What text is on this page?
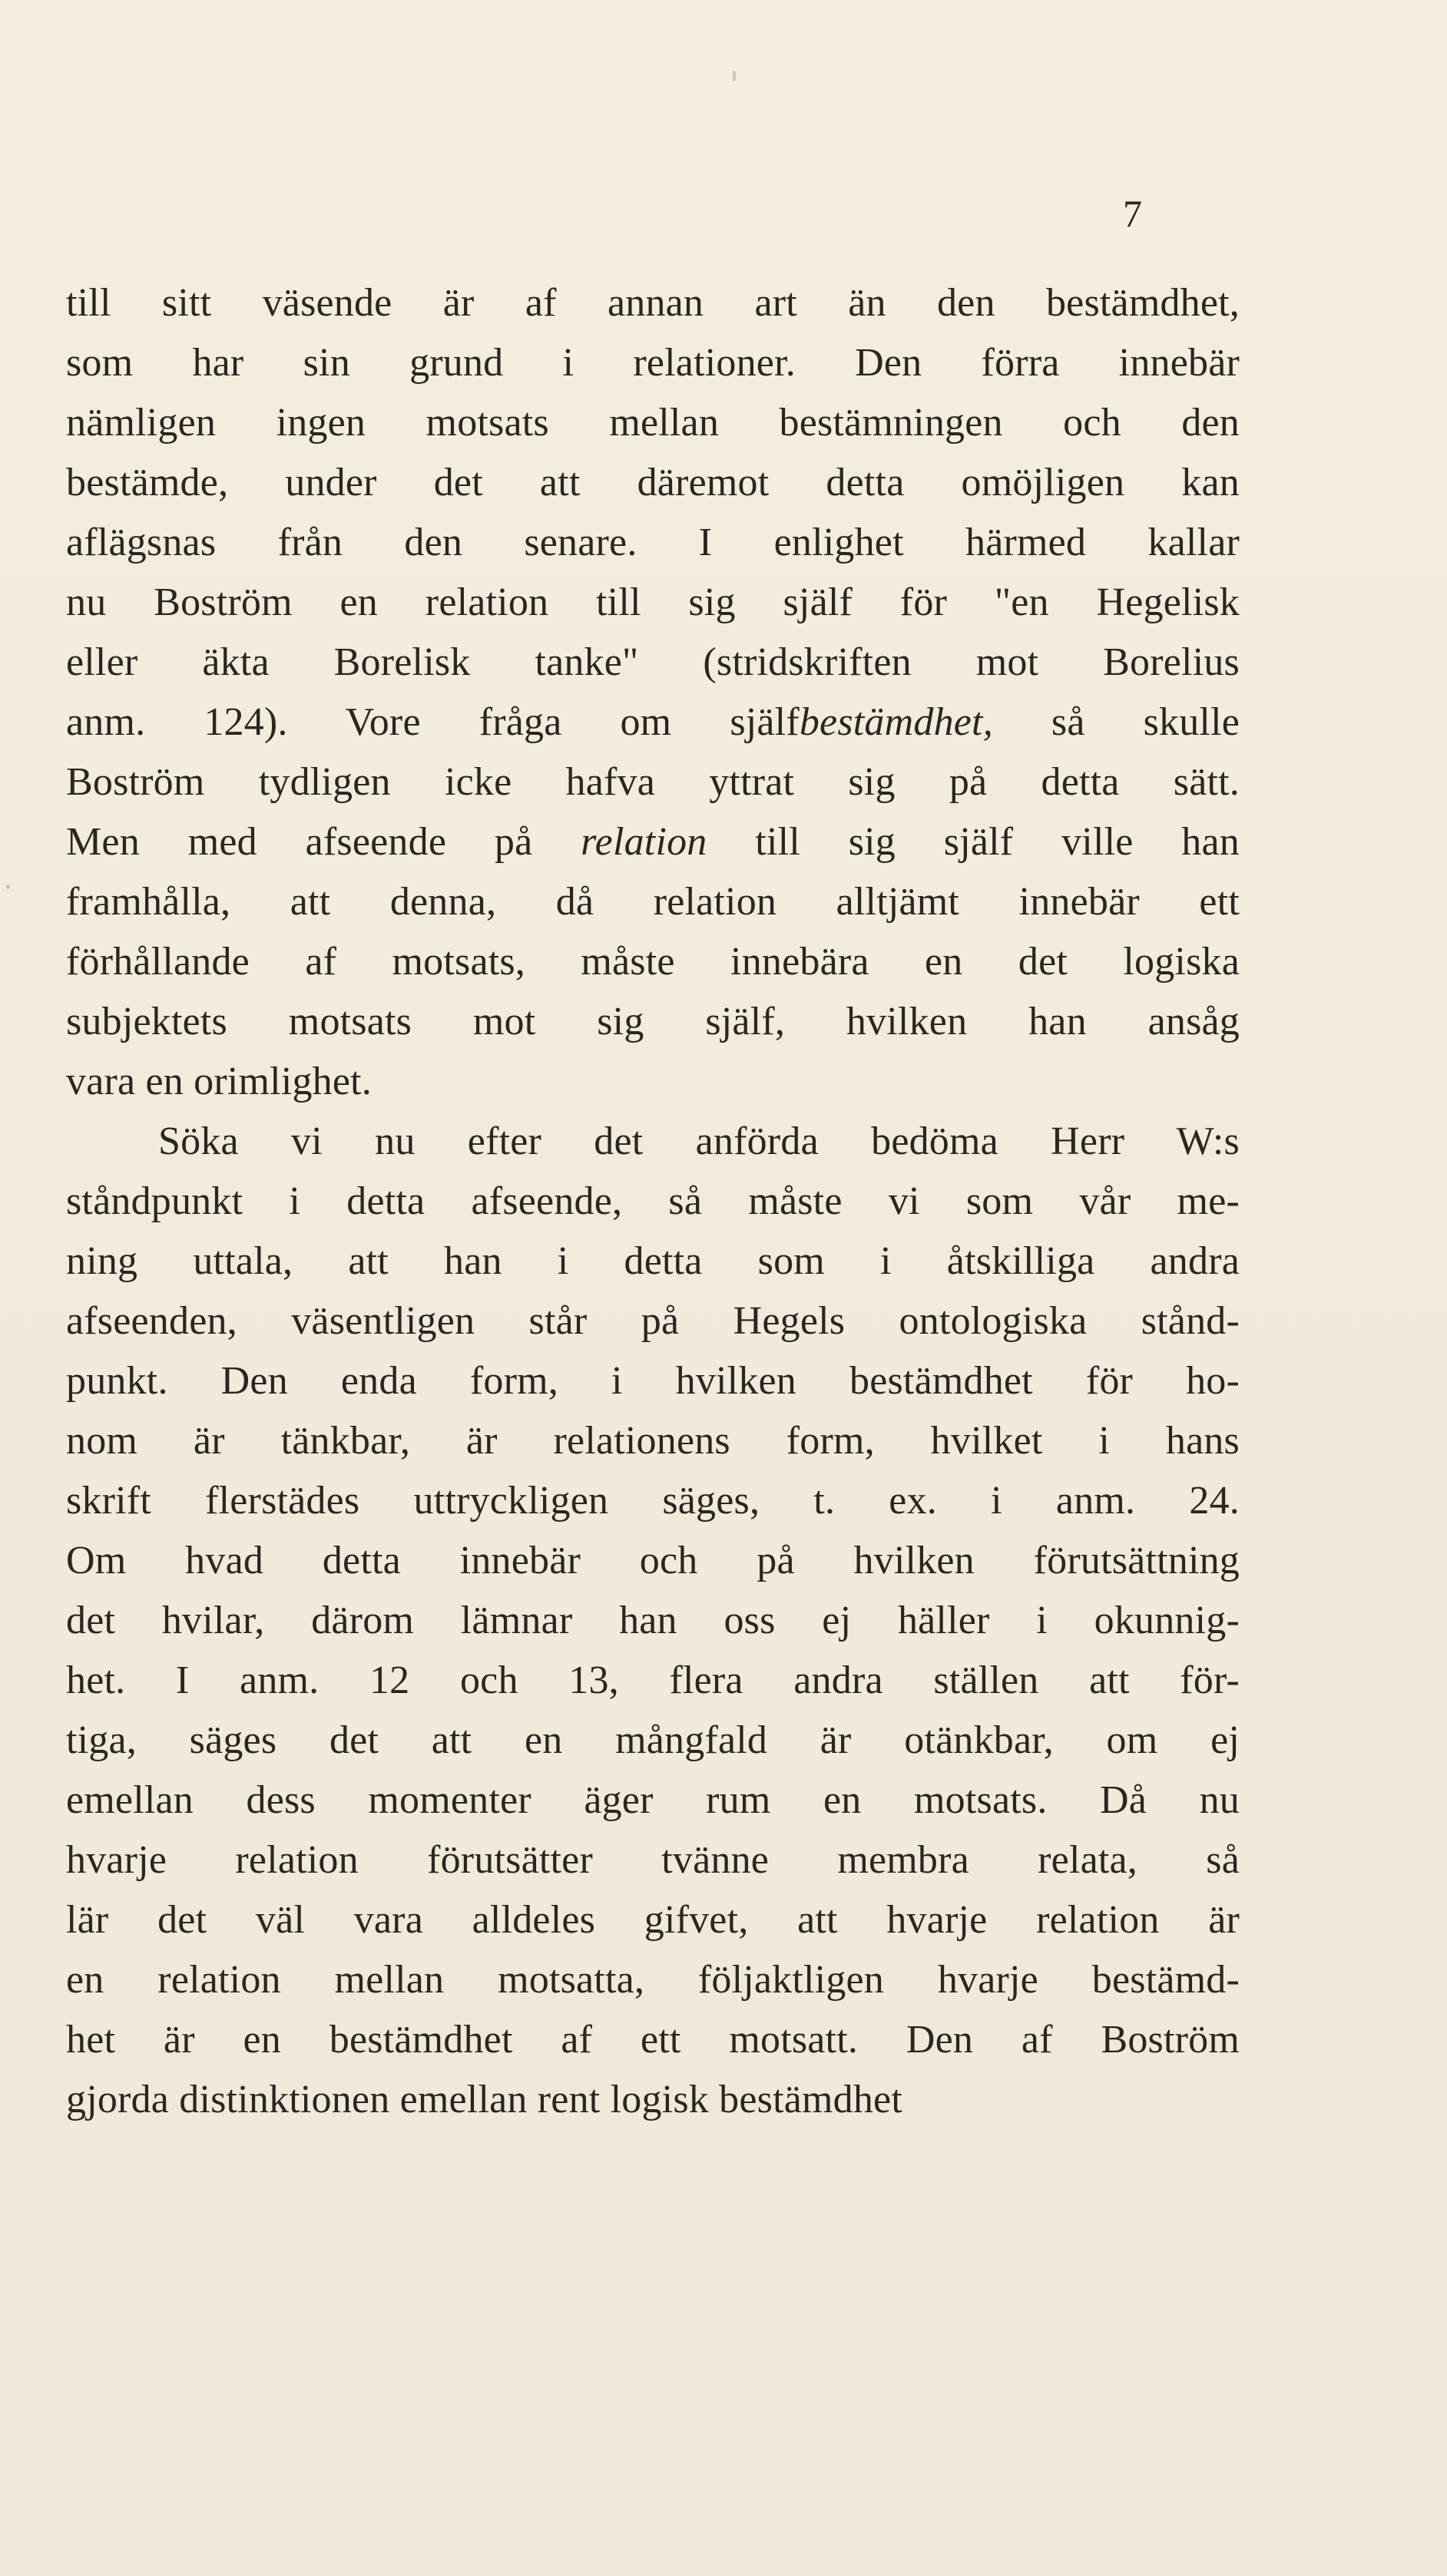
7
till sitt väsende är af annan art än den bestämdhet,
som har sin grund i relationer. Den förra innebär
nämligen ingen motsats mellan bestämningen och den
bestämde, under det att däremot detta omöjligen kan
aflägsnas från den senare. I enlighet härmed kallar
nu Boström en relation till sig själf för "en Hegelisk
eller äkta Borelisk tanke" (stridskriften mot Borelius
anm. 124). Vore fråga om själfbestämdhet, så skulle
Boström tydligen icke hafva yttrat sig på detta sätt.
Men med afseende på relation till sig själf ville han
framhålla, att denna, då relation alltjämt innebär ett
förhållande af motsats, måste innebära en det logiska
subjektets motsats mot sig själf, hvilken han ansåg
vara en orimlighet.
Söka vi nu efter det anförda bedöma Herr W:s
ståndpunkt i detta afseende, så måste vi som vår me-
ning uttala, att han i detta som i åtskilliga andra
afseenden, väsentligen står på Hegels ontologiska stånd-
punkt. Den enda form, i hvilken bestämdhet för ho-
nom är tänkbar, är relationens form, hvilket i hans
skrift flerstädes uttryckligen säges, t. ex. i anm. 24.
Om hvad detta innebär och på hvilken förutsättning
det hvilar, därom lämnar han oss ej häller i okunnig-
het. I anm. 12 och 13, flera andra ställen att för-
tiga, säges det att en mångfald är otänkbar, om ej
emellan dess momenter äger rum en motsats. Då nu
hvarje relation förutsätter tvänne membra relata, så
lär det väl vara alldeles gifvet, att hvarje relation är
en relation mellan motsatta, följaktligen hvarje bestämd-
het är en bestämdhet af ett motsatt. Den af Boström
gjorda distinktionen emellan rent logisk bestämdhet
